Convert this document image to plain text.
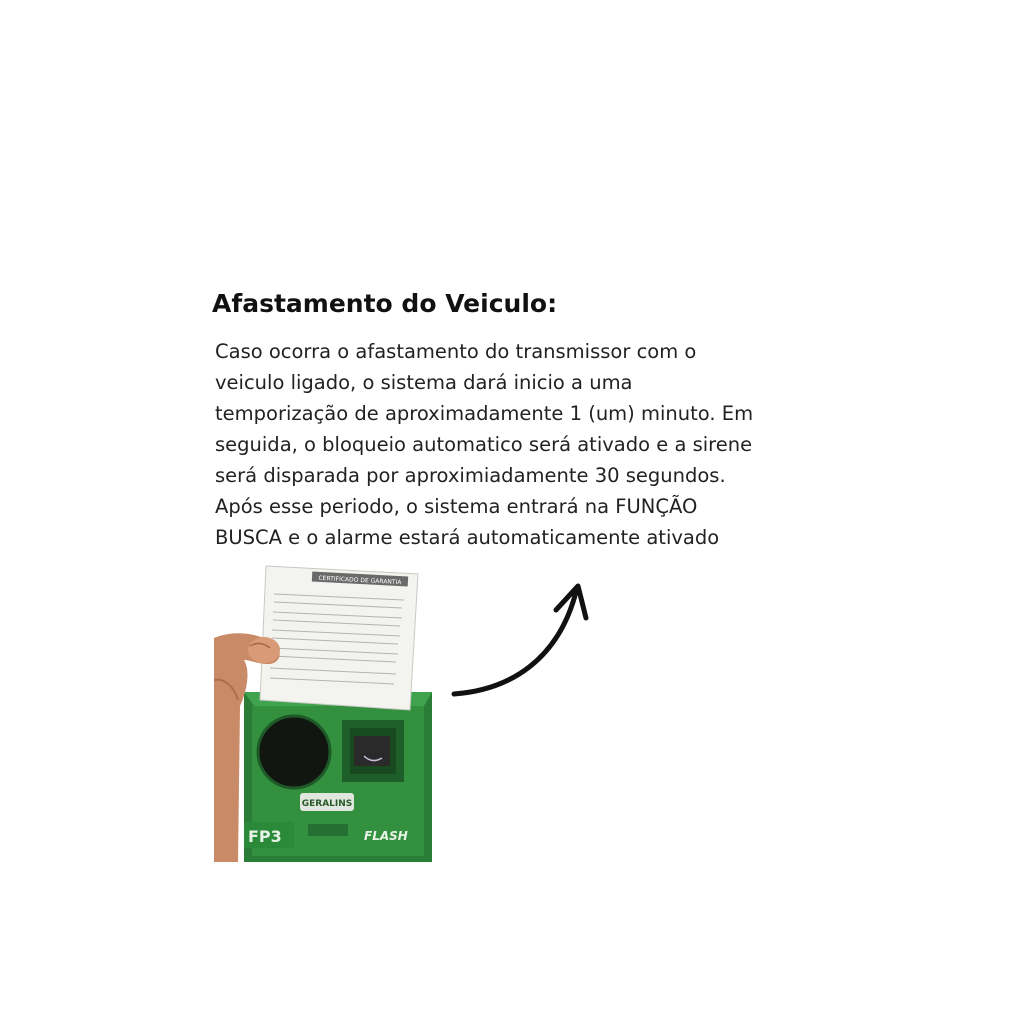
Afastamento do Veiculo:

Caso ocorra o afastamento do transmissor com o
veiculo ligado, o sistema dará inicio a uma
temporização de aproximadamente 1 (um) minuto. Em
seguida, o bloqueio automatico será ativado e a sirene
será disparada por aproximiadamente 30 segundos.
Após esse periodo, o sistema entrará na FUNÇÃO
BUSCA e o alarme estará automaticamente ativado

GERALINS
FP3	FLASH
CERTIFICADO DE GARANTIA
